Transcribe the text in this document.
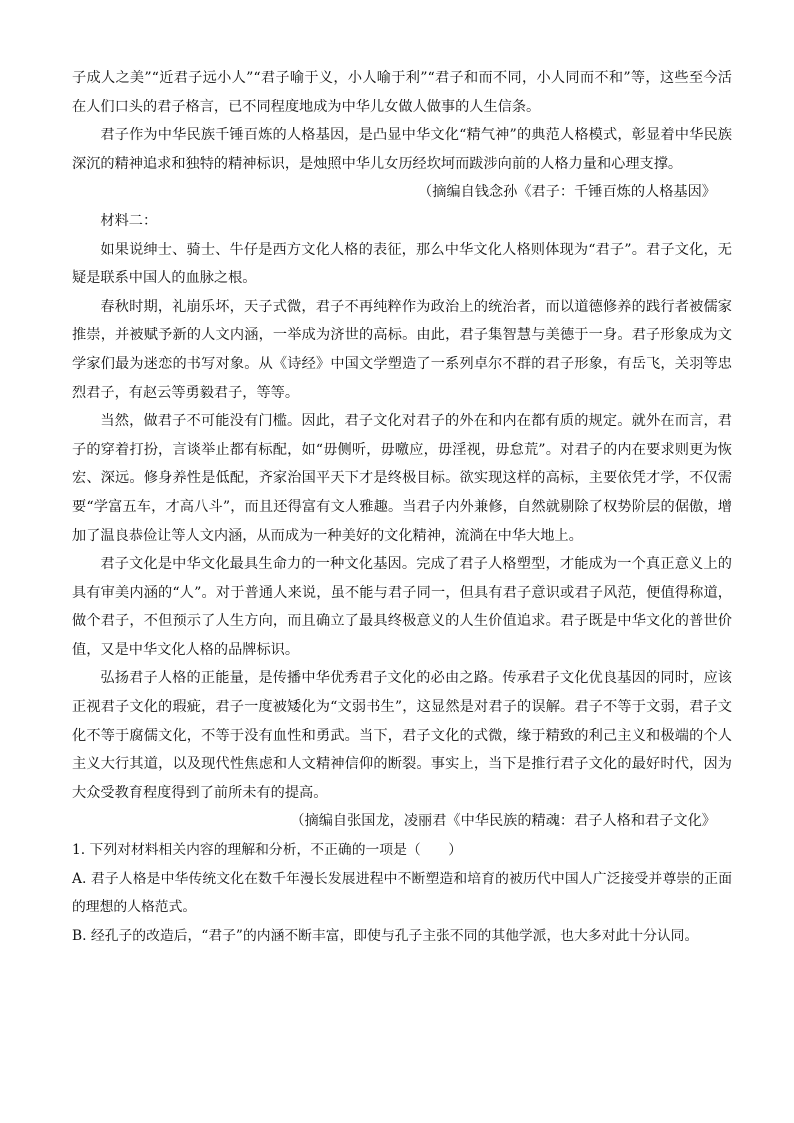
子成人之美”“近君子远小人”“君子喻于义，小人喻于利”“君子和而不同，小人同而不和”等，这些至今活在人们口头的君子格言，已不同程度地成为中华儿女做人做事的人生信条。

君子作为中华民族千锤百炼的人格基因，是凸显中华文化“精气神”的典范人格模式，彰显着中华民族深沉的精神追求和独特的精神标识，是烛照中华儿女历经坎坷而跋涉向前的人格力量和心理支撑。

（摘编自钱念孙《君子：千锤百炼的人格基因》

材料二：

如果说绅士、骑士、牛仔是西方文化人格的表征，那么中华文化人格则体现为“君子”。君子文化，无疑是联系中国人的血脉之根。

春秋时期，礼崩乐坏，天子式微，君子不再纯粹作为政治上的统治者，而以道德修养的践行者被儒家推崇，并被赋予新的人文内涵，一举成为济世的高标。由此，君子集智慧与美德于一身。君子形象成为文学家们最为迷恋的书写对象。从《诗经》中国文学塑造了一系列卓尔不群的君子形象，有岳飞，关羽等忠烈君子，有赵云等勇毅君子，等等。

当然，做君子不可能没有门槛。因此，君子文化对君子的外在和内在都有质的规定。就外在而言，君子的穿着打扮，言谈举止都有标配，如“毋侧听，毋噭应，毋淫视，毋怠荒”。对君子的内在要求则更为恢宏、深远。修身养性是低配，齐家治国平天下才是终极目标。欲实现这样的高标，主要依凭才学，不仅需要“学富五车，才高八斗”，而且还得富有文人雅趣。当君子内外兼修，自然就剔除了权势阶层的倨傲，增加了温良恭俭让等人文内涵，从而成为一种美好的文化精神，流淌在中华大地上。

君子文化是中华文化最具生命力的一种文化基因。完成了君子人格塑型，才能成为一个真正意义上的具有审美内涵的“人”。对于普通人来说，虽不能与君子同一，但具有君子意识或君子风范，便值得称道，做个君子，不但预示了人生方向，而且确立了最具终极意义的人生价值追求。君子既是中华文化的普世价值，又是中华文化人格的品牌标识。

弘扬君子人格的正能量，是传播中华优秀君子文化的必由之路。传承君子文化优良基因的同时，应该正视君子文化的瑕疵，君子一度被矮化为“文弱书生”，这显然是对君子的误解。君子不等于文弱，君子文化不等于腐儒文化，不等于没有血性和勇武。当下，君子文化的式微，缘于精致的利己主义和极端的个人主义大行其道，以及现代性焦虑和人文精神信仰的断裂。事实上，当下是推行君子文化的最好时代，因为大众受教育程度得到了前所未有的提高。

（摘编自张国龙，凌丽君《中华民族的精魂：君子人格和君子文化》

1. 下列对材料相关内容的理解和分析，不正确的一项是（　　）

A. 君子人格是中华传统文化在数千年漫长发展进程中不断塑造和培育的被历代中国人广泛接受并尊崇的正面的理想的人格范式。

B. 经孔子的改造后，“君子”的内涵不断丰富，即使与孔子主张不同的其他学派，也大多对此十分认同。
